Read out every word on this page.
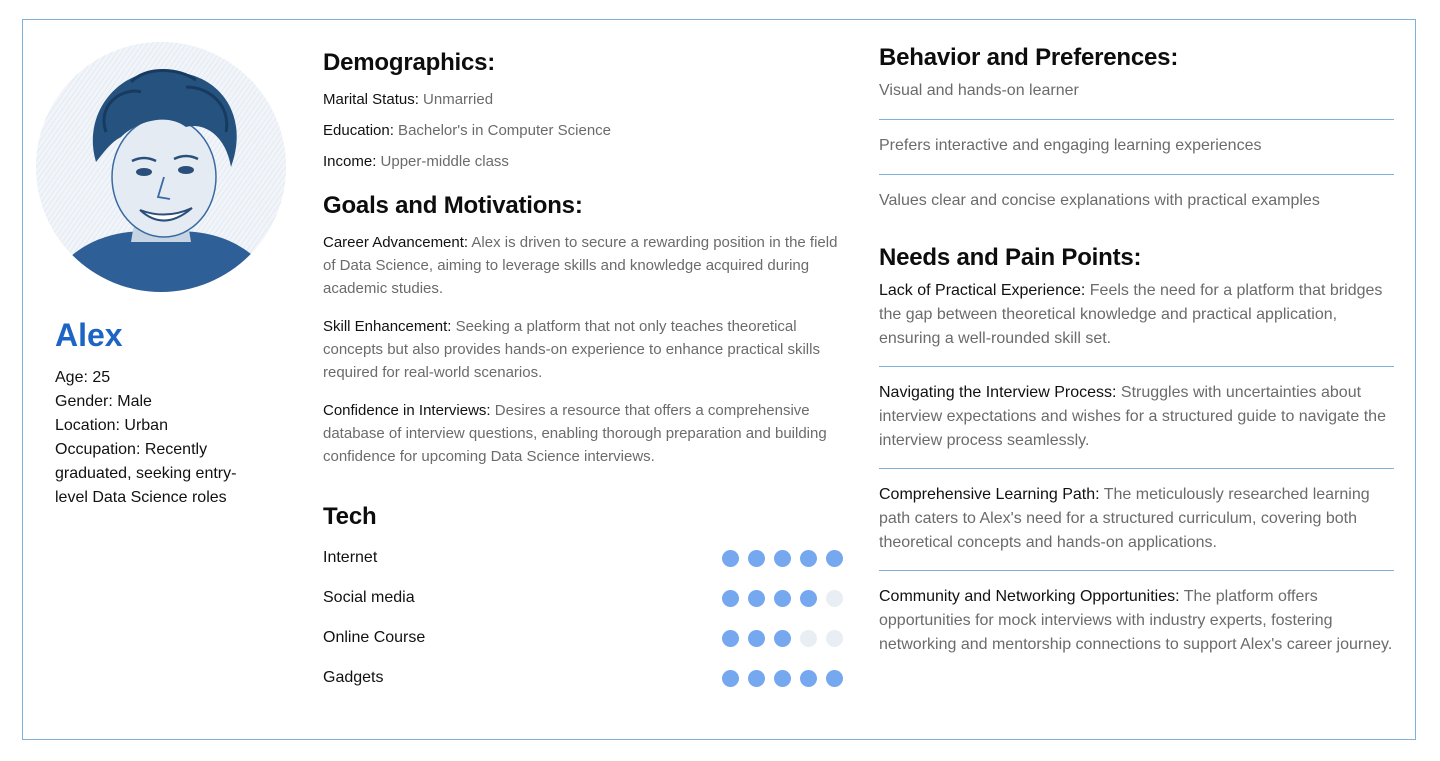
Alex
Age: 25
Gender: Male
Location: Urban
Occupation: Recently graduated, seeking entry-level Data Science roles
Demographics:
Marital Status: Unmarried
Education: Bachelor's in Computer Science
Income: Upper-middle class
Goals and Motivations:
Career Advancement: Alex is driven to secure a rewarding position in the field of Data Science, aiming to leverage skills and knowledge acquired during academic studies.
Skill Enhancement: Seeking a platform that not only teaches theoretical concepts but also provides hands-on experience to enhance practical skills required for real-world scenarios.
Confidence in Interviews: Desires a resource that offers a comprehensive database of interview questions, enabling thorough preparation and building confidence for upcoming Data Science interviews.
Tech
Internet
Social media
Online Course
Gadgets
Behavior and Preferences:
Visual and hands-on learner
Prefers interactive and engaging learning experiences
Values clear and concise explanations with practical examples
Needs and Pain Points:
Lack of Practical Experience: Feels the need for a platform that bridges the gap between theoretical knowledge and practical application, ensuring a well-rounded skill set.
Navigating the Interview Process: Struggles with uncertainties about interview expectations and wishes for a structured guide to navigate the interview process seamlessly.
Comprehensive Learning Path: The meticulously researched learning path caters to Alex's need for a structured curriculum, covering both theoretical concepts and hands-on applications.
Community and Networking Opportunities: The platform offers opportunities for mock interviews with industry experts, fostering networking and mentorship connections to support Alex's career journey.
